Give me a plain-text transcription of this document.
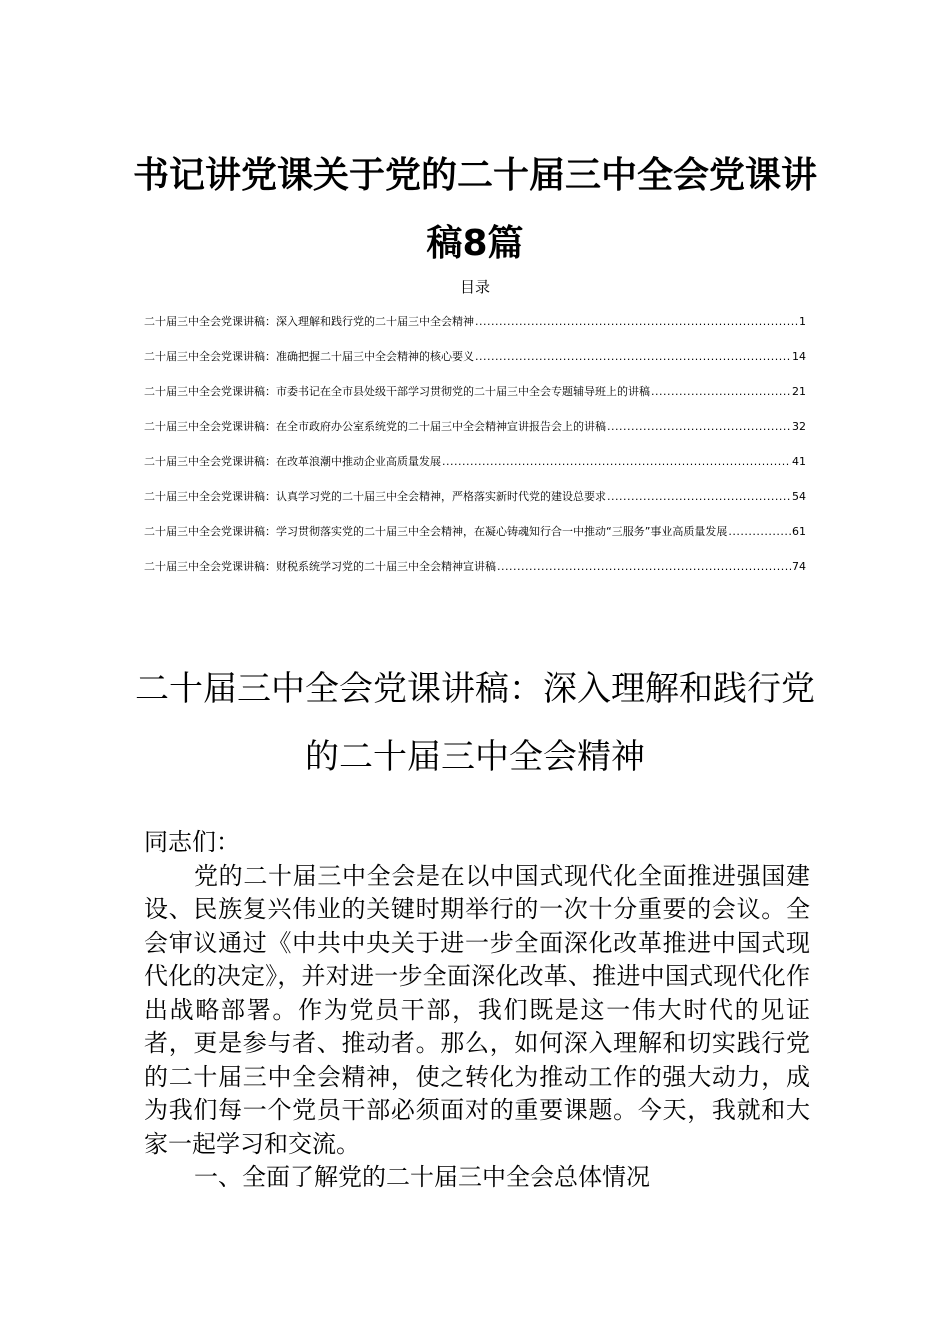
书记讲党课关于党的二十届三中全会党课讲稿8篇
目录
二十届三中全会党课讲稿：深入理解和践行党的二十届三中全会精神 .....	1
二十届三中全会党课讲稿：准确把握二十届三中全会精神的核心要义 .....	14
二十届三中全会党课讲稿：市委书记在全市县处级干部学习贯彻党的二十届三中全会专题辅导班上的讲稿 .....	21
二十届三中全会党课讲稿：在全市政府办公室系统党的二十届三中全会精神宣讲报告会上的讲稿 .....	32
二十届三中全会党课讲稿：在改革浪潮中推动企业高质量发展 .....	41
二十届三中全会党课讲稿：认真学习党的二十届三中全会精神，严格落实新时代党的建设总要求 .....	54
二十届三中全会党课讲稿：学习贯彻落实党的二十届三中全会精神，在凝心铸魂知行合一中推动“三服务”事业高质量发展 .....	61
二十届三中全会党课讲稿：财税系统学习党的二十届三中全会精神宣讲稿 .....	74
二十届三中全会党课讲稿：深入理解和践行党的二十届三中全会精神

同志们：

党的二十届三中全会是在以中国式现代化全面推进强国建设、民族复兴伟业的关键时期举行的一次十分重要的会议。全会审议通过《中共中央关于进一步全面深化改革推进中国式现代化的决定》，并对进一步全面深化改革、推进中国式现代化作出战略部署。作为党员干部，我们既是这一伟大时代的见证者，更是参与者、推动者。那么，如何深入理解和切实践行党的二十届三中全会精神，使之转化为推动工作的强大动力，成为我们每一个党员干部必须面对的重要课题。今天，我就和大家一起学习和交流。

一、全面了解党的二十届三中全会总体情况
